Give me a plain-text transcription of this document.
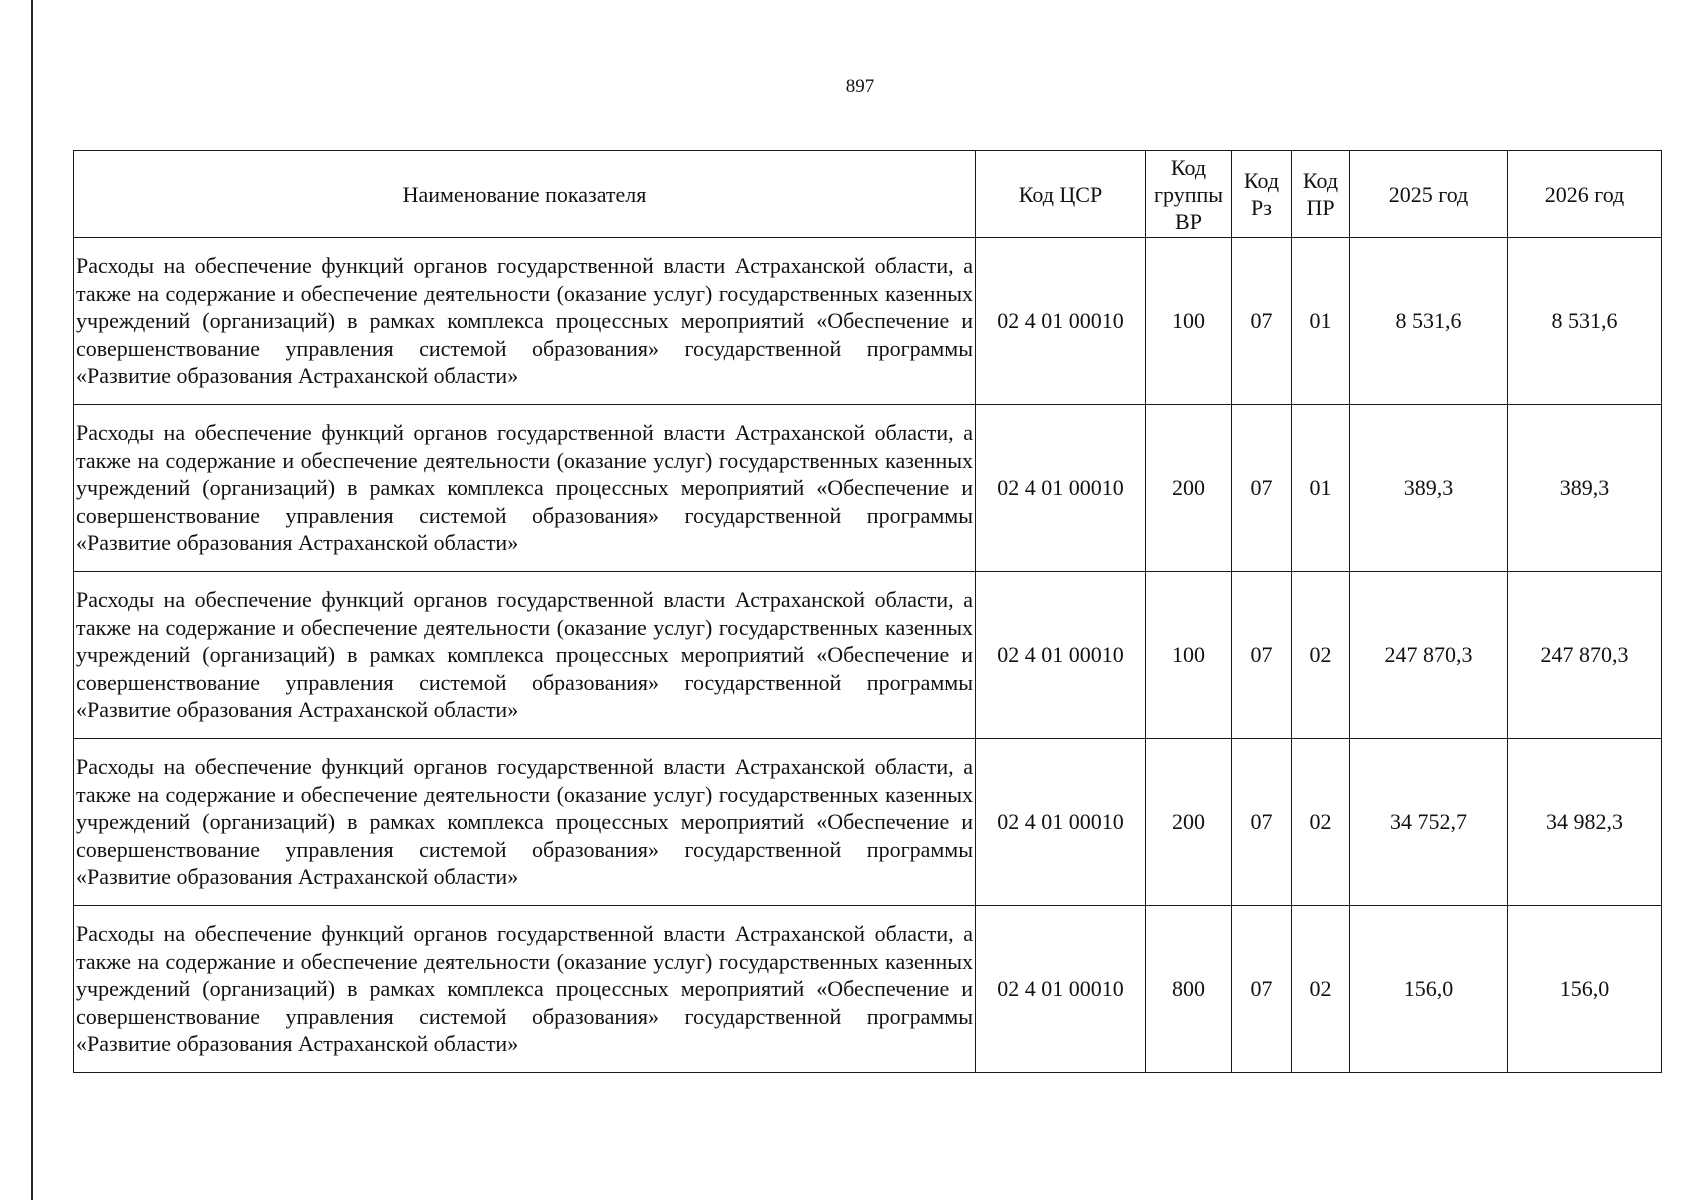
897
Наименование показателя	Код ЦСР	Код группы ВР	Код Рз	Код ПР	2025 год	2026 год
Расходы на обеспечение функций органов государственной власти Астраханской области, а также на содержание и обеспечение деятельности (оказание услуг) государственных казенных учреждений (организаций) в рамках комплекса процессных мероприятий «Обеспечение и совершенствование управления системой образования» государственной программы «Развитие образования Астраханской области»	02 4 01 00010	100	07	01	8 531,6	8 531,6
Расходы на обеспечение функций органов государственной власти Астраханской области, а также на содержание и обеспечение деятельности (оказание услуг) государственных казенных учреждений (организаций) в рамках комплекса процессных мероприятий «Обеспечение и совершенствование управления системой образования» государственной программы «Развитие образования Астраханской области»	02 4 01 00010	200	07	01	389,3	389,3
Расходы на обеспечение функций органов государственной власти Астраханской области, а также на содержание и обеспечение деятельности (оказание услуг) государственных казенных учреждений (организаций) в рамках комплекса процессных мероприятий «Обеспечение и совершенствование управления системой образования» государственной программы «Развитие образования Астраханской области»	02 4 01 00010	100	07	02	247 870,3	247 870,3
Расходы на обеспечение функций органов государственной власти Астраханской области, а также на содержание и обеспечение деятельности (оказание услуг) государственных казенных учреждений (организаций) в рамках комплекса процессных мероприятий «Обеспечение и совершенствование управления системой образования» государственной программы «Развитие образования Астраханской области»	02 4 01 00010	200	07	02	34 752,7	34 982,3
Расходы на обеспечение функций органов государственной власти Астраханской области, а также на содержание и обеспечение деятельности (оказание услуг) государственных казенных учреждений (организаций) в рамках комплекса процессных мероприятий «Обеспечение и совершенствование управления системой образования» государственной программы «Развитие образования Астраханской области»	02 4 01 00010	800	07	02	156,0	156,0
